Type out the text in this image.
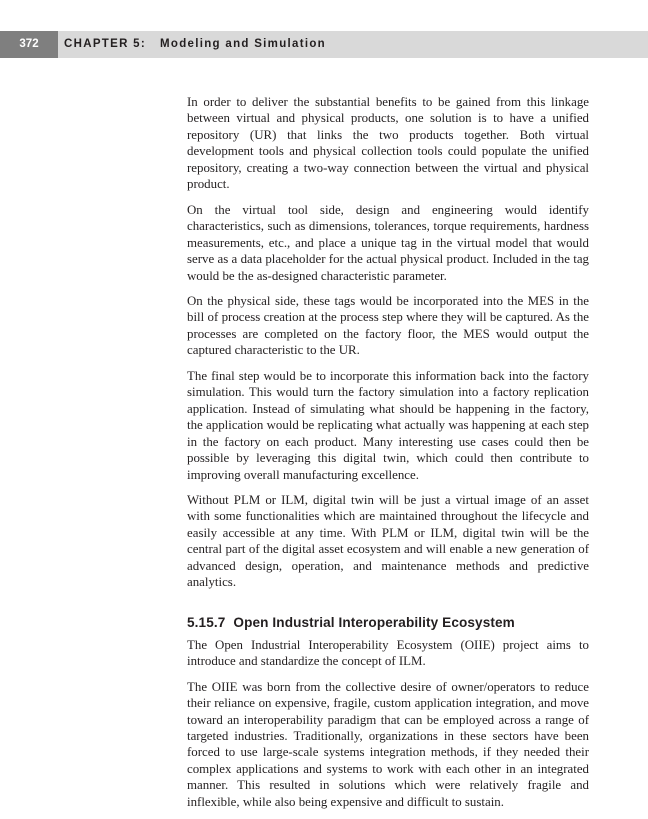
372	CHAPTER 5: Modeling and Simulation

In order to deliver the substantial benefits to be gained from this linkage between virtual and physical products, one solution is to have a unified repository (UR) that links the two products together. Both virtual development tools and physical collection tools could populate the unified repository, creating a two-way connection between the virtual and physical product.

On the virtual tool side, design and engineering would identify characteristics, such as dimensions, tolerances, torque requirements, hardness measurements, etc., and place a unique tag in the virtual model that would serve as a data placeholder for the actual physical product. Included in the tag would be the as-designed characteristic parameter.

On the physical side, these tags would be incorporated into the MES in the bill of process creation at the process step where they will be captured. As the processes are completed on the factory floor, the MES would output the captured characteristic to the UR.

The final step would be to incorporate this information back into the factory simulation. This would turn the factory simulation into a factory replication application. Instead of simulating what should be happening in the factory, the application would be replicating what actually was happening at each step in the factory on each product. Many interesting use cases could then be possible by leveraging this digital twin, which could then contribute to improving overall manufacturing excellence.

Without PLM or ILM, digital twin will be just a virtual image of an asset with some functionalities which are maintained throughout the lifecycle and easily accessible at any time. With PLM or ILM, digital twin will be the central part of the digital asset ecosystem and will enable a new generation of advanced design, operation, and maintenance methods and predictive analytics.

5.15.7 Open Industrial Interoperability Ecosystem

The Open Industrial Interoperability Ecosystem (OIIE) project aims to introduce and standardize the concept of ILM.

The OIIE was born from the collective desire of owner/operators to reduce their reliance on expensive, fragile, custom application integration, and move toward an interoperability paradigm that can be employed across a range of targeted industries. Traditionally, organizations in these sectors have been forced to use large-scale systems integration methods, if they needed their complex applications and systems to work with each other in an integrated manner. This resulted in solutions which were relatively fragile and inflexible, while also being expensive and difficult to sustain.
